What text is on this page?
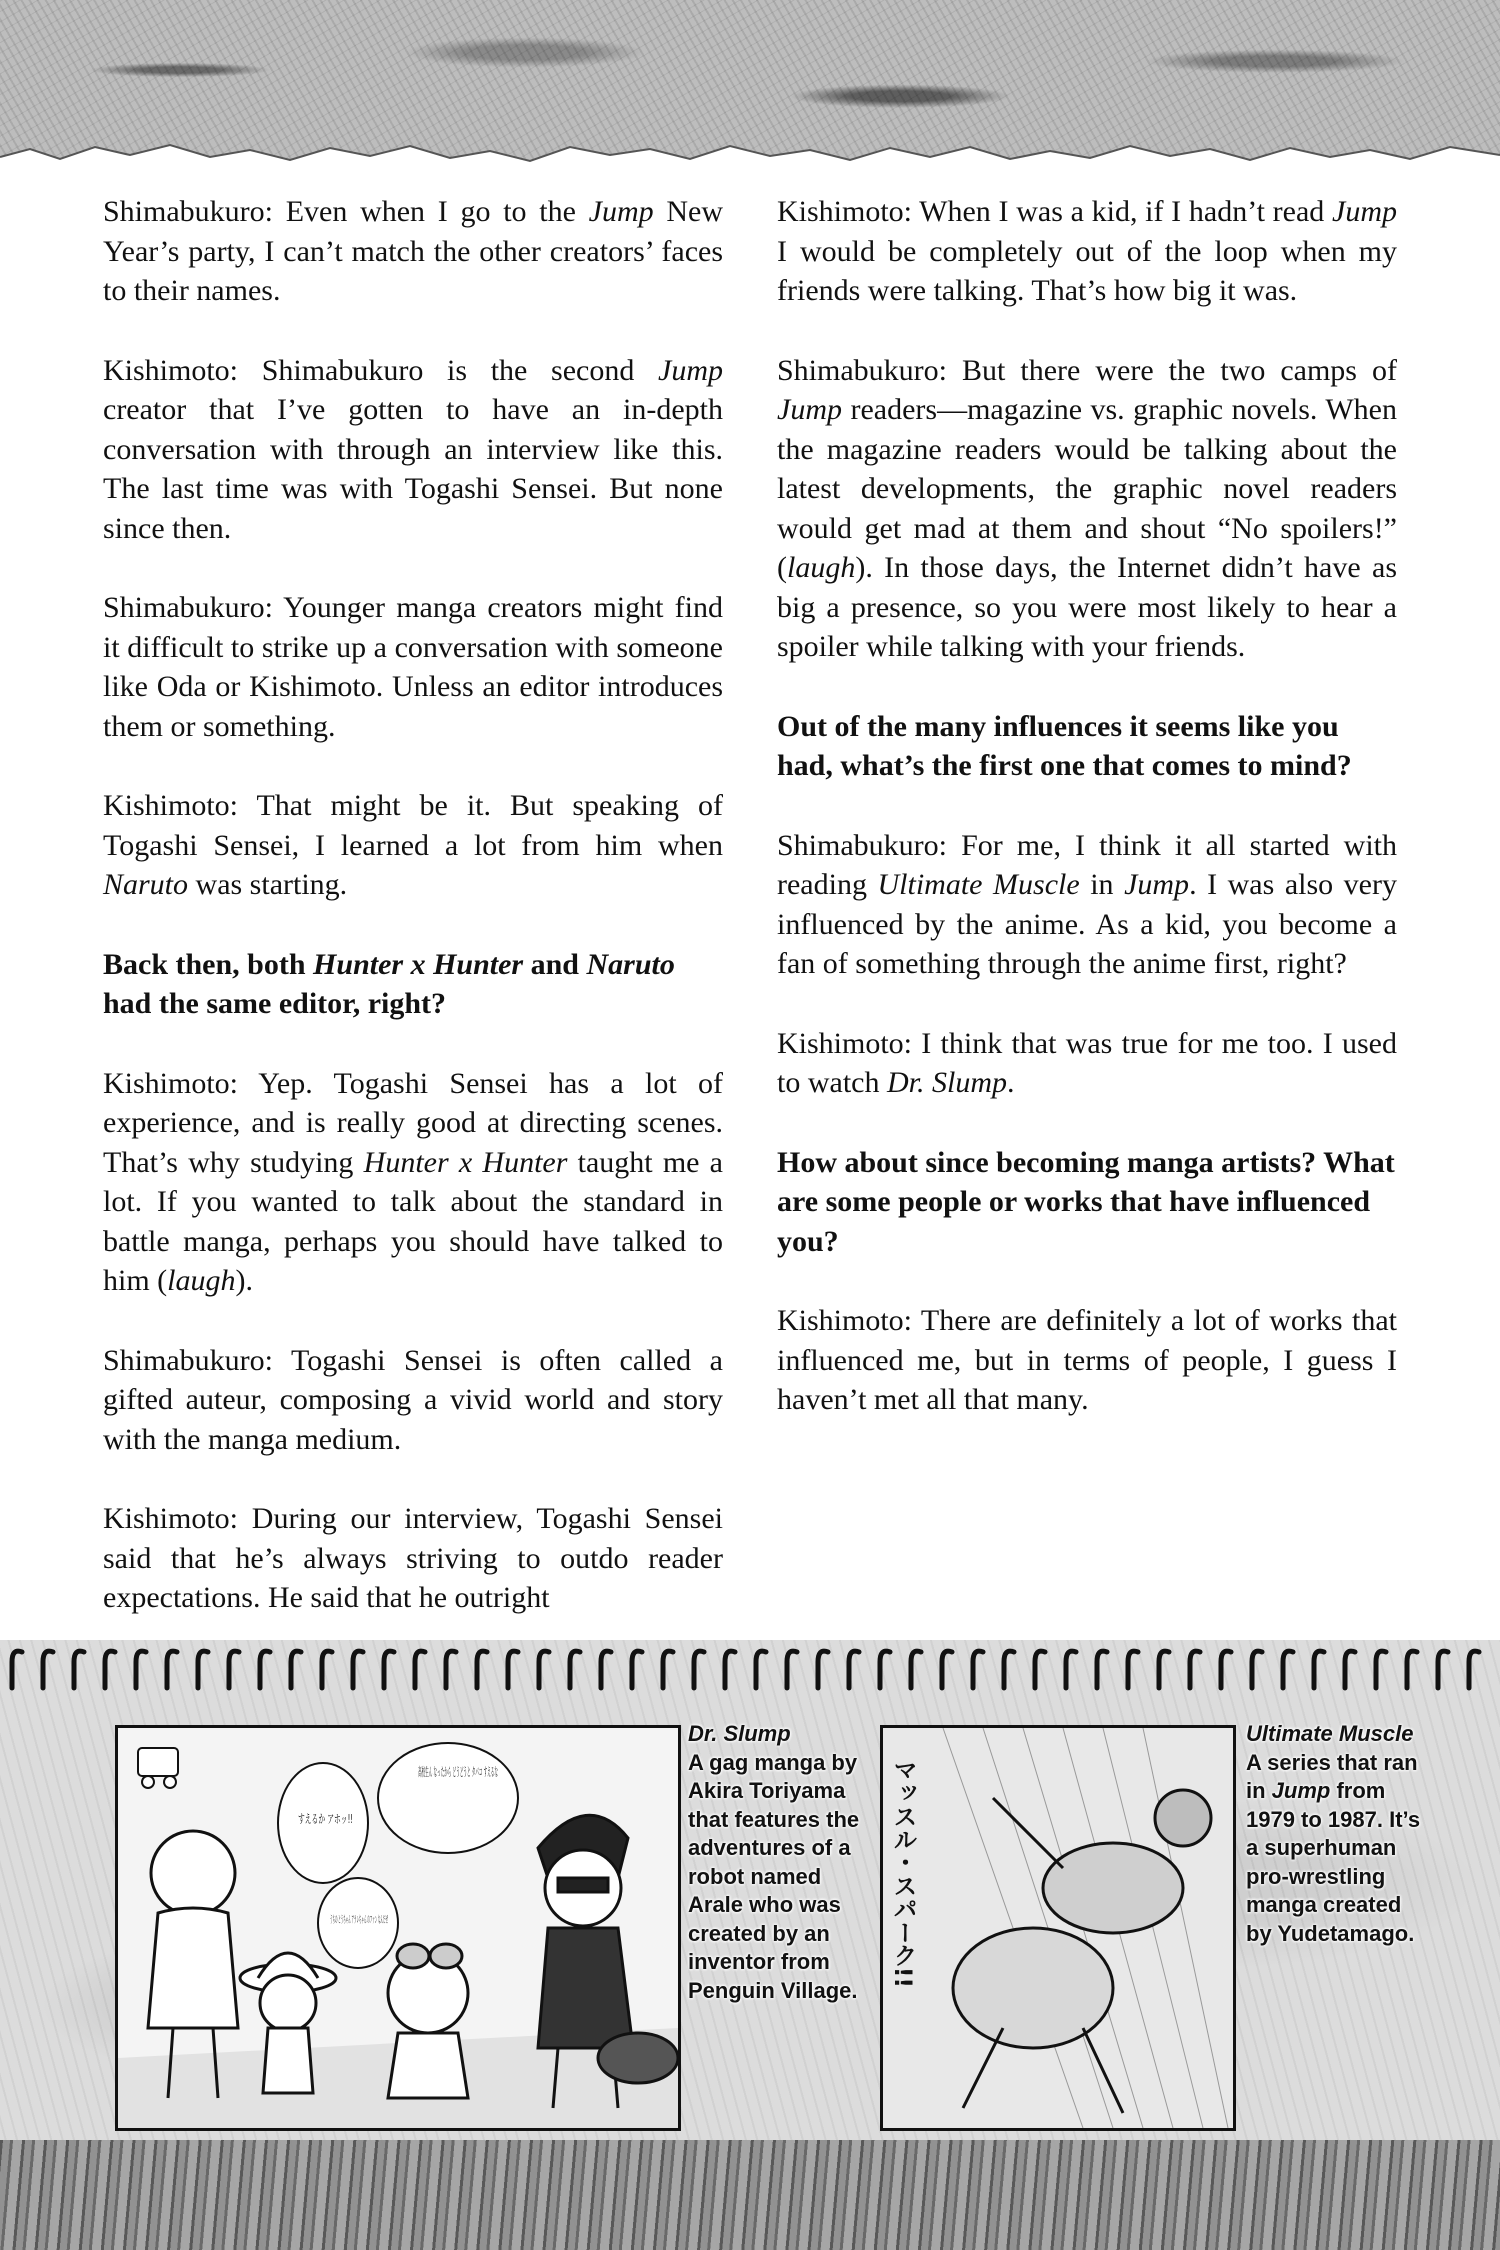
Shimabukuro: Even when I go to the Jump New Year’s party, I can’t match the other creators’ faces to their names.

Kishimoto: Shimabukuro is the second Jump creator that I’ve gotten to have an in-depth conversation with through an interview like this. The last time was with Togashi Sensei. But none since then.

Shimabukuro: Younger manga creators might find it difficult to strike up a conversation with someone like Oda or Kishimoto. Unless an editor introduces them or something.

Kishimoto: That might be it. But speaking of Togashi Sensei, I learned a lot from him when Naruto was starting.

Back then, both Hunter x Hunter and Naruto had the same editor, right?

Kishimoto: Yep. Togashi Sensei has a lot of experience, and is really good at directing scenes. That’s why studying Hunter x Hunter taught me a lot. If you wanted to talk about the standard in battle manga, perhaps you should have talked to him (laugh).

Shimabukuro: Togashi Sensei is often called a gifted auteur, composing a vivid world and story with the manga medium.

Kishimoto: During our interview, Togashi Sensei said that he’s always striving to outdo reader expectations. He said that he outright

Kishimoto: When I was a kid, if I hadn’t read Jump I would be completely out of the loop when my friends were talking. That’s how big it was.

Shimabukuro: But there were the two camps of Jump readers—magazine vs. graphic novels. When the magazine readers would be talking about the latest developments, the graphic novel readers would get mad at them and shout “No spoilers!” (laugh). In those days, the Internet didn’t have as big a presence, so you were most likely to hear a spoiler while talking with your friends.

Out of the many influences it seems like you had, what’s the first one that comes to mind?

Shimabukuro: For me, I think it all started with reading Ultimate Muscle in Jump. I was also very influenced by the anime. As a kid, you become a fan of something through the anime first, right?

Kishimoto: I think that was true for me too. I used to watch Dr. Slump.

How about since becoming manga artists? What are some people or works that have influenced you?

Kishimoto: There are definitely a lot of works that influenced me, but in terms of people, I guess I haven’t met all that many.

すえるか アホッ!!
Dr. Slump
A gag manga by Akira Toriyama that features the adventures of a robot named Arale who was created by an inventor from Penguin Village. マッスル・スパーク!!
Ultimate Muscle
A series that ran in Jump from 1979 to 1987. It’s a superhuman pro-wrestling manga created by Yudetamago.
